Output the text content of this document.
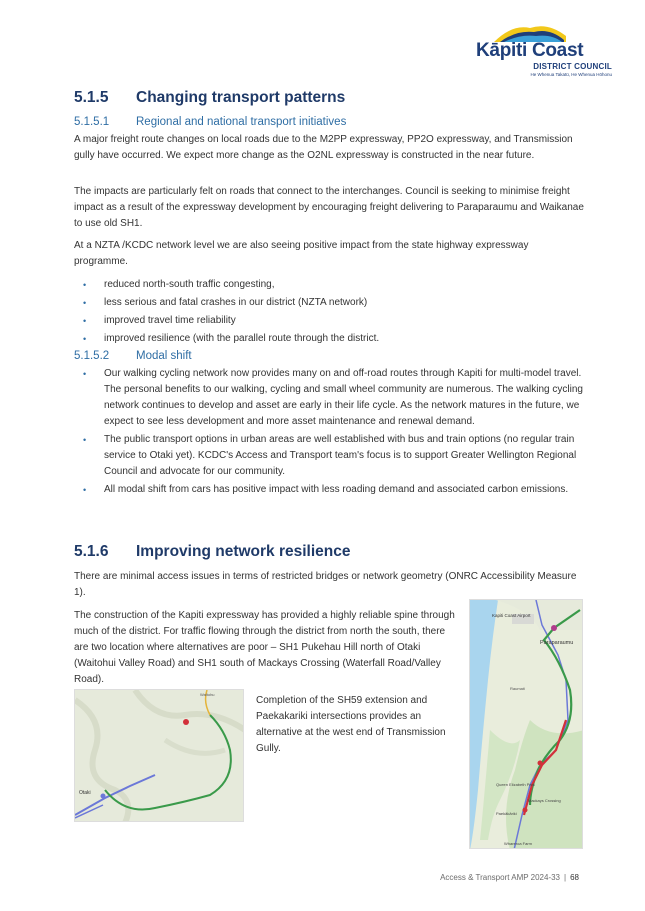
Kāpiti Coast
DISTRICT COUNCIL
He Whenua Takatū, He Whenua Hōhonu
5.1.5 Changing transport patterns
5.1.5.1 Regional and national transport initiatives

A major freight route changes on local roads due to the M2PP expressway, PP2O expressway, and Transmission gully have occurred. We expect more change as the O2NL expressway is constructed in the near future.

The impacts are particularly felt on roads that connect to the interchanges. Council is seeking to minimise freight impact as a result of the expressway development by encouraging freight delivering to Paraparaumu and Waikanae to use old SH1.

At a NZTA /KCDC network level we are also seeing positive impact from the state highway expressway programme.

• reduced north-south traffic congesting,
• less serious and fatal crashes in our district (NZTA network)
• improved travel time reliability
• improved resilience (with the parallel route through the district.
5.1.5.2 Modal shift
• Our walking cycling network now provides many on and off-road routes through Kapiti for multi-model travel. The personal benefits to our walking, cycling and small wheel community are numerous. The walking cycling network continues to develop and asset are early in their life cycle. As the network matures in the future, we expect to see less development and more asset maintenance and renewal demand.
• The public transport options in urban areas are well established with bus and train options (no regular train service to Otaki yet). KCDC's Access and Transport team's focus is to support Greater Wellington Regional Council and advocate for our community.
• All modal shift from cars has positive impact with less roading demand and associated carbon emissions.
5.1.6 Improving network resilience

There are minimal access issues in terms of restricted bridges or network geometry (ONRC Accessibility Measure 1).

The construction of the Kapiti expressway has provided a highly reliable spine through much of the district. For traffic flowing through the district from north the south, there are two location where alternatives are poor – SH1 Pukehau Hill north of Otaki (Waitohui Valley Road) and SH1 south of Mackays Crossing (Waterfall Road/Valley Road).

Completion of the SH59 extension and Paekakariki intersections provides an alternative at the west end of Transmission Gully.

Otaki
Waitohu
Kapiti Coast Airport
Paraparaumu
Raumati
Queen Elizabeth Park
Paekākāriki
Mackays Crossing
Whareroa Farm
Access & Transport AMP 2024-33 | 68
